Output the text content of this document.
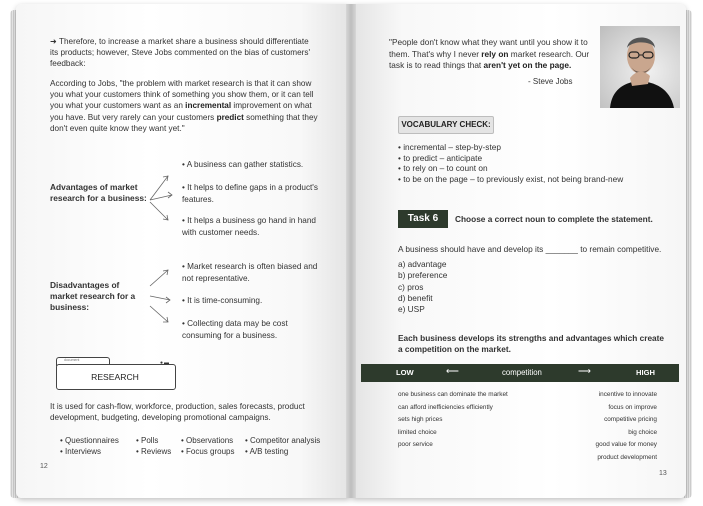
➜ Therefore, to increase a market share a business should differentiate its products; however, Steve Jobs commented on the bias of customers' feedback:
According to Jobs, "the problem with market research is that it can show you what your customers think of something you show them, or it can tell you what your customers want as an incremental improvement on what you have. But very rarely can your customers predict something that they don't even quite know they want yet."
Advantages of market research for a business:
• A business can gather statistics.
• It helps to define gaps in a product's features.
• It helps a business go hand in hand with customer needs.
Disadvantages of market research for a business:
• Market research is often biased and not representative.
• It is time-consuming.
• Collecting data may be cost consuming for a business.
document	●▬
RESEARCH
It is used for cash-flow, workforce, production, sales forecasts, product development, budgeting, developing promotional campaigns.
• Questionnaires
• Interviews
• Polls
• Reviews
• Observations
• Focus groups
• Competitor analysis
• A/B testing
12
"People don't know what they want until you show it to them. That's why I never rely on market research. Our task is to read things that aren't yet on the page.
- Steve Jobs
VOCABULARY CHECK:
• incremental – step-by-step
• to predict – anticipate
• to rely on – to count on
• to be on the page – to previously exist, not being brand-new
Task 6	Choose a correct noun to complete the statement.
A business should have and develop its _______ to remain competitive.
a) advantage
b) preference
c) pros
d) benefit
e) USP
Each business develops its strengths and advantages which create a competition on the market.
LOW	⟵	competition	⟶	HIGH
one business can dominate the market
can afford inefficiencies efficiently
sets high prices
limited choice
poor service
incentive to innovate
focus on improve
competitive pricing
big choice
good value for money
product development
13
